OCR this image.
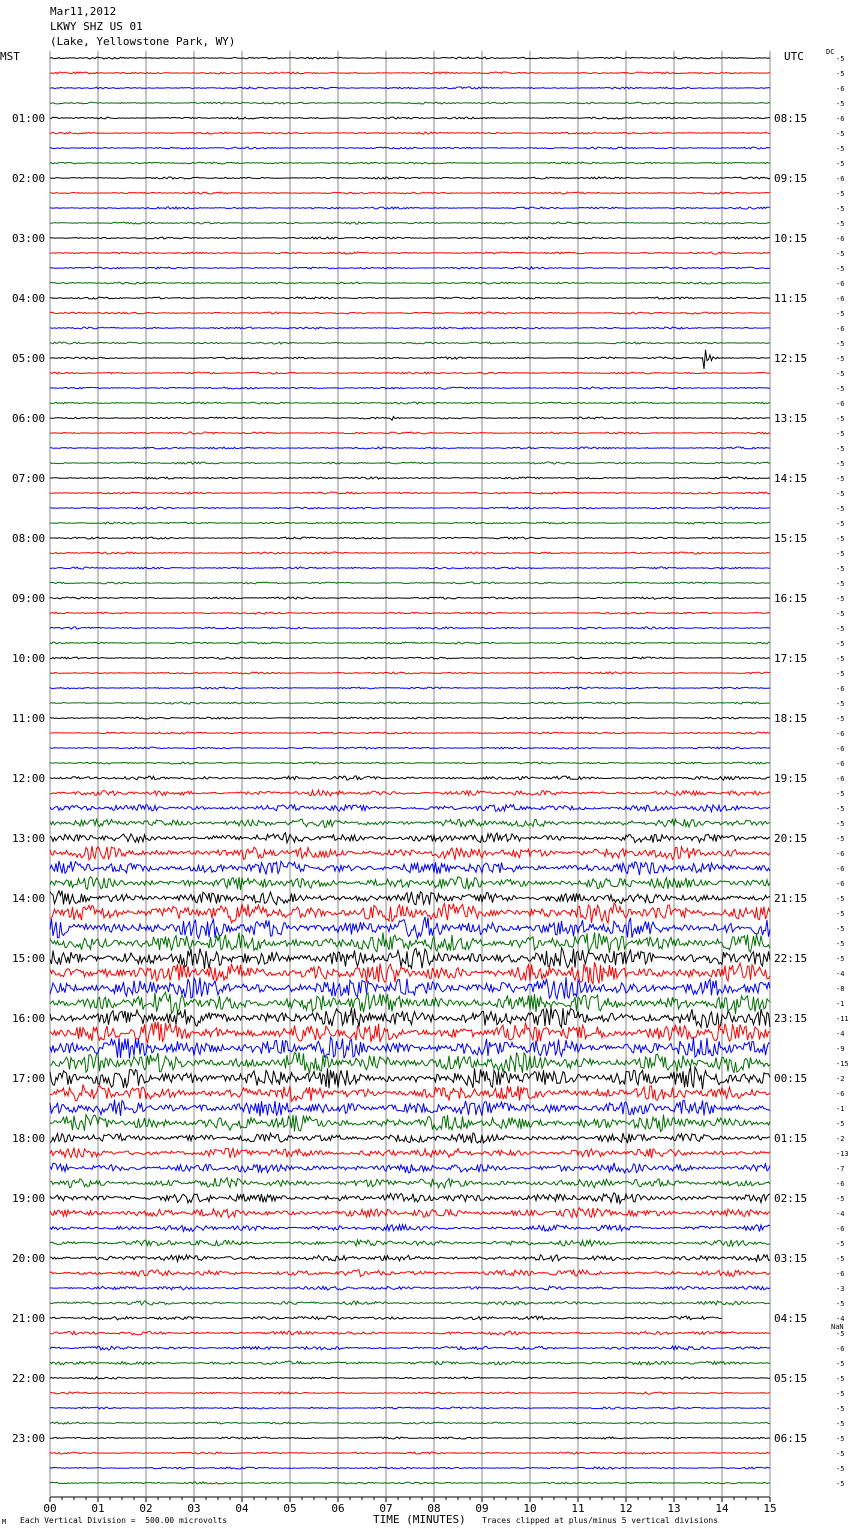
Mar11,2012
LKWY SHZ US 01
(Lake, Yellowstone Park, WY)
MST	UTC
01:00
02:00
03:00
04:00
05:00
06:00
07:00
08:00
09:00
10:00
11:00
12:00
13:00
14:00
15:00
16:00
17:00
18:00
19:00
20:00
21:00
22:00
23:00
08:15
09:15
10:15
11:15
12:15
13:15
14:15
15:15
16:15
17:15
18:15
19:15
20:15
21:15
22:15
23:15
00:15
01:15
02:15
03:15
04:15
05:15
06:15
DC
-5
-5
-6
-5
-6
-5
-5
-5
-6
-5
-5
-5
-6
-5
-5
-6
-6
-5
-6
-5
-5
-5
-5
-6
-5
-5
-5
-5
-5
-5
-5
-5
-5
-5
-5
-5
-5
-5
-5
-5
-5
-5
-6
-5
-5
-6
-6
-6
-6
-5
-5
-5
-5
-6
-6
-6
-5
-5
-5
-5
-5
-4
-8
-1
-11
-4
-9
-15
-2
-6
-1
-5
-2
-13
-7
-6
-5
-4
-6
-5
-5
-6
-3
-5
-4
-5
-6
-5
-5
-5
-5
-5
-5
-5
-5
-5
NaN
00	01	02	03	04	05	06	07	08	09	10	11	12	13	14	15
M Each Vertical Division =  500.00 microvolts	TIME (MINUTES) Traces clipped at plus/minus 5 vertical divisions
